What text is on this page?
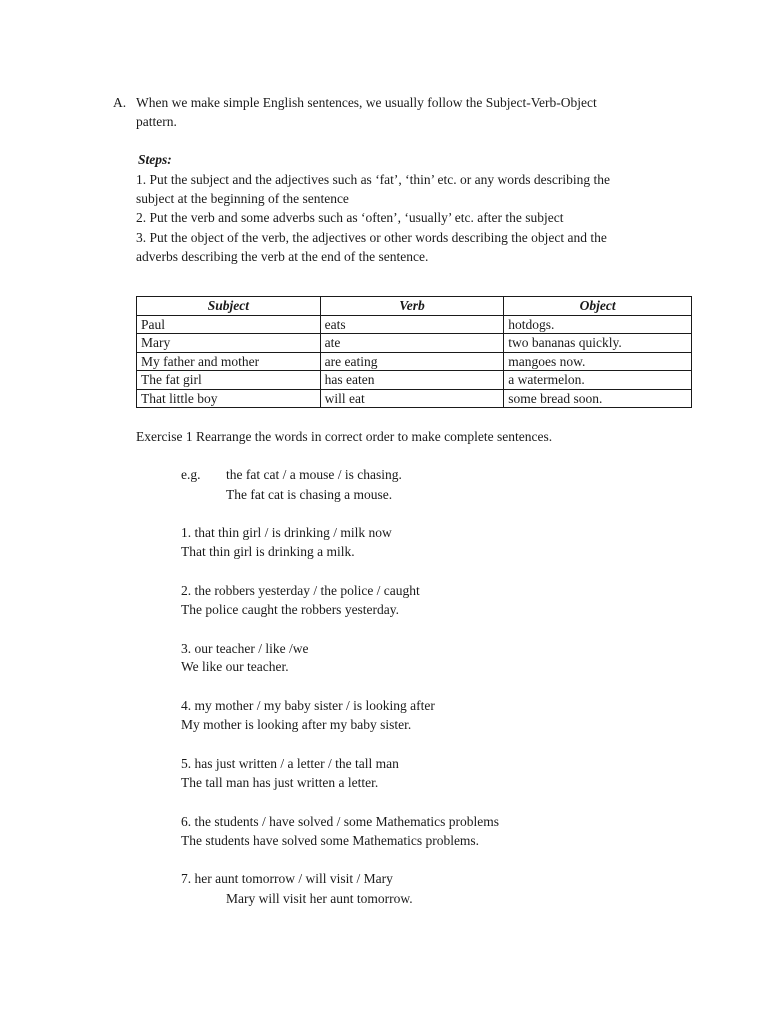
A. When we make simple English sentences, we usually follow the Subject-Verb-Object
pattern.
Steps:
1. Put the subject and the adjectives such as ‘fat’, ‘thin’ etc. or any words describing the
subject at the beginning of the sentence
2. Put the verb and some adverbs such as ‘often’, ‘usually’ etc. after the subject
3. Put the object of the verb, the adjectives or other words describing the object and the
adverbs describing the verb at the end of the sentence.
Subject	Verb	Object
Paul	eats	hotdogs.
Mary	ate	two bananas quickly.
My father and mother	are eating	mangoes now.
The fat girl	has eaten	a watermelon.
That little boy	will eat	some bread soon.
Exercise 1 Rearrange the words in correct order to make complete sentences.
e.g. the fat cat / a mouse / is chasing.
The fat cat is chasing a mouse.
1. that thin girl / is drinking / milk now
That thin girl is drinking a milk.
2. the robbers yesterday / the police / caught
The police caught the robbers yesterday.
3. our teacher / like /we
We like our teacher.
4. my mother / my baby sister / is looking after
My mother is looking after my baby sister.
5. has just written / a letter / the tall man
The tall man has just written a letter.
6. the students / have solved / some Mathematics problems
The students have solved some Mathematics problems.
7. her aunt tomorrow / will visit / Mary
Mary will visit her aunt tomorrow.
